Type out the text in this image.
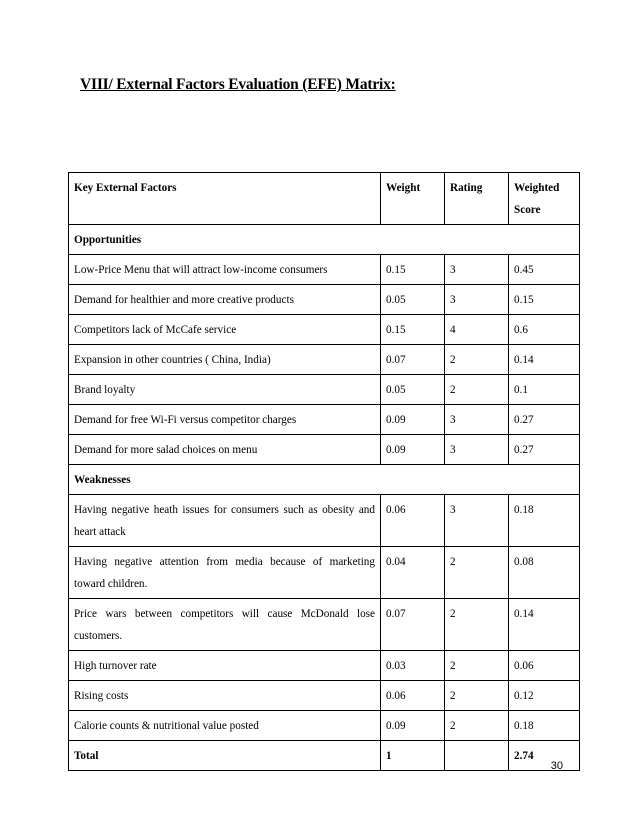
VIII/ External Factors Evaluation (EFE) Matrix:
Key External Factors	Weight	Rating	Weighted Score
Opportunities			
Low-Price Menu that will attract low-income consumers	0.15	3	0.45
Demand for healthier and more creative products	0.05	3	0.15
Competitors lack of McCafe service	0.15	4	0.6
Expansion in other countries ( China, India)	0.07	2	0.14
Brand loyalty	0.05	2	0.1
Demand for free Wi-Fi versus competitor charges	0.09	3	0.27
Demand for more salad choices on menu	0.09	3	0.27
Weaknesses			
Having negative heath issues for consumers such as obesity and heart attack	0.06	3	0.18
Having negative attention from media because of marketing toward children.	0.04	2	0.08
Price wars between competitors will cause McDonald lose customers.	0.07	2	0.14
High turnover rate	0.03	2	0.06
Rising costs	0.06	2	0.12
Calorie counts & nutritional value posted	0.09	2	0.18
Total	1		2.74
30
